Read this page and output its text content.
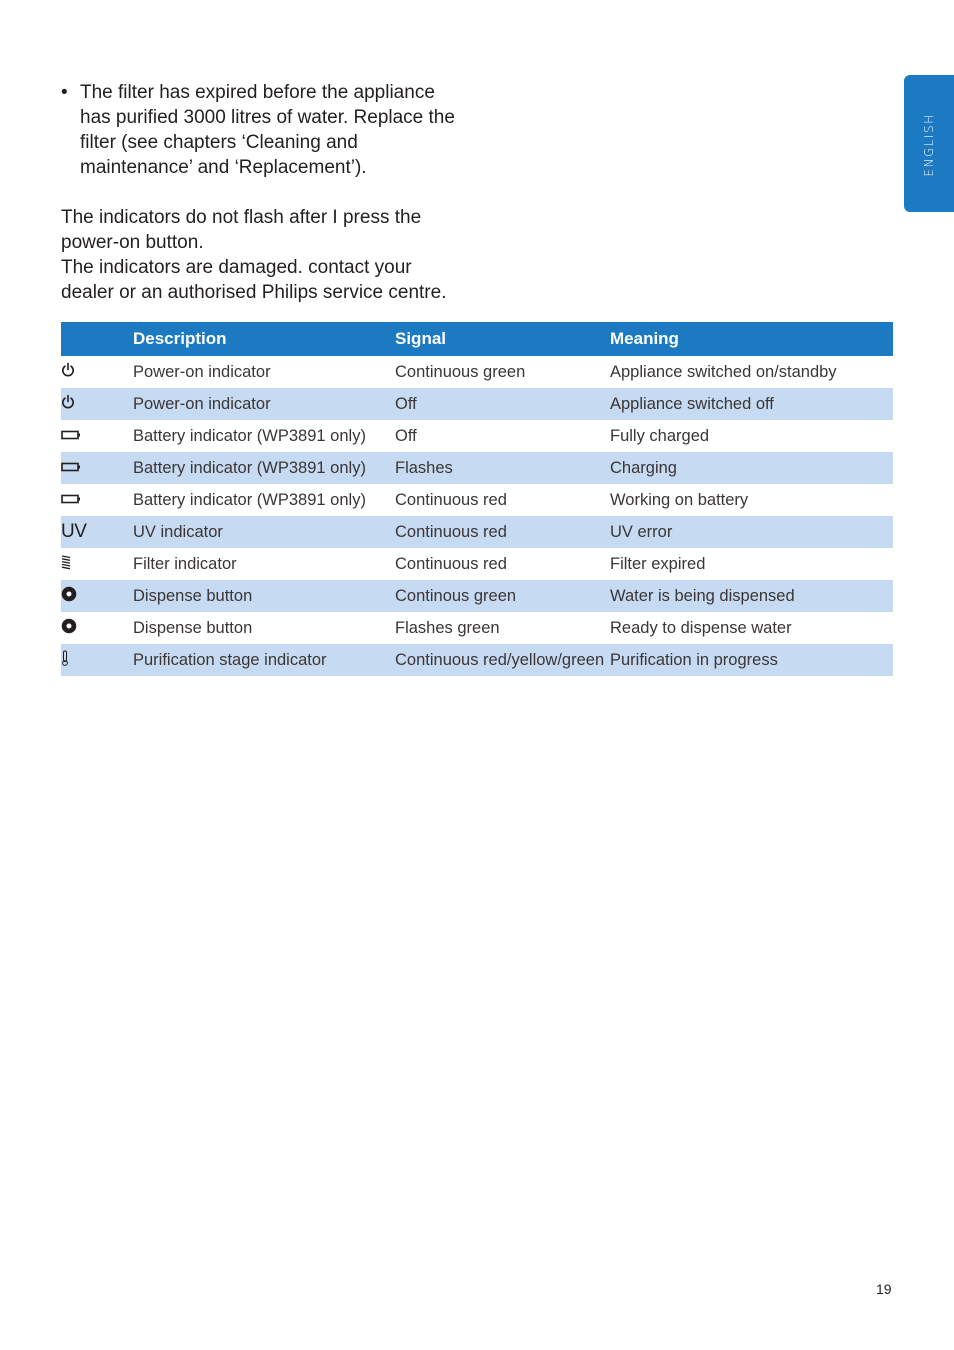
ENGLISH
• The filter has expired before the appliance has purified 3000 litres of water. Replace the filter (see chapters ‘Cleaning and maintenance’ and ‘Replacement’).
The indicators do not flash after I press the power-on button.
The indicators are damaged. contact your dealer or an authorised Philips service centre.
	Description	Signal	Meaning
	Power-on indicator	Continuous green	Appliance switched on/standby
	Power-on indicator	Off	Appliance switched off
	Battery indicator (WP3891 only)	Off	Fully charged
	Battery indicator (WP3891 only)	Flashes	Charging
	Battery indicator (WP3891 only)	Continuous red	Working on battery
UV	UV indicator	Continuous red	UV error
	Filter indicator	Continuous red	Filter expired
	Dispense button	Continous green	Water is being dispensed
	Dispense button	Flashes green	Ready to dispense water
	Purification stage indicator	Continuous red/yellow/green	Purification in progress
19
